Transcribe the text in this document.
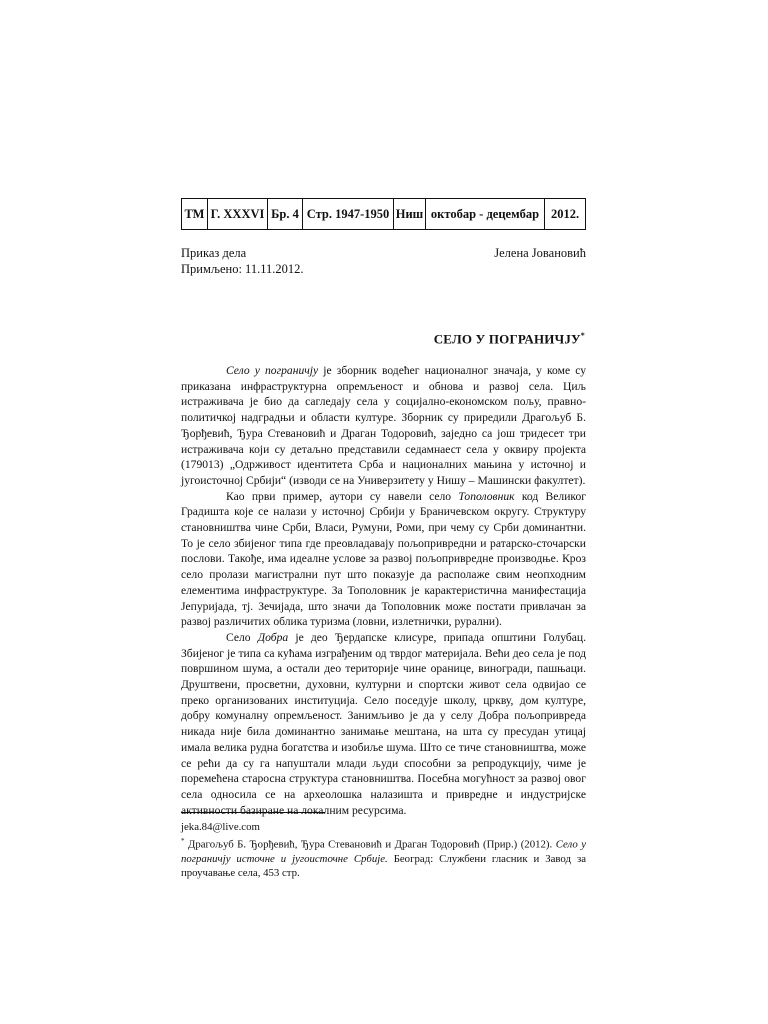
ТМ Г. XXXVI Бр. 4 Стр. 1947-1950 Ниш октобар - децембар 2012.
Приказ дела
Примљено: 11.11.2012.
Јелена Јовановић
СЕЛО У ПОГРАНИЧЈУ*

Село у пограничју је зборник водећег националног значаја, у коме су приказана инфраструктурна опремљеност и обнова и развој села. Циљ истраживача је био да сагледају села у социјално-економском пољу, правно-политичкој надградњи и области културе. Зборник су приредили Драгољуб Б. Ђорђевић, Ђура Стевановић и Драган Тодоровић, заједно са још тридесет три истраживача који су детаљно представили седамнаест села у оквиру пројекта (179013) „Одрживост идентитета Срба и националних мањина у источној и југоисточној Србији“ (изводи се на Универзитету у Нишу – Машински факултет).

Као први пример, аутори су навели село Тополовник код Великог Градишта које се налази у источној Србији у Браничевском округу. Структуру становништва чине Срби, Власи, Румуни, Роми, при чему су Срби доминантни. То је село збијеног типа где преовладавају пољопривредни и ратарско-сточарски послови. Такође, има идеалне услове за развој пољопривредне производње. Кроз село пролази магистрални пут што показује да располаже свим неопходним елементима инфраструктуре. За Тополовник је карактеристична манифестација Јепуријада, тј. Зечијада, што значи да Тополовник може постати привлачан за развој различитих облика туризма (ловни, излетнички, рурални).

Село Добра је део Ђердапске клисуре, припада општини Голубац. Збијеног је типа са кућама изграђеним од тврдог материјала. Већи део села је под површином шума, а остали део територије чине оранице, виногради, пашњаци. Друштвени, просветни, духовни, културни и спортски живот села одвијао се преко организованих институција. Село поседује школу, цркву, дом културе, добру комуналну опремљеност. Занимљиво је да у селу Добра пољопривреда никада није била доминантно занимање мештана, на шта су пресудан утицај имала велика рудна богатства и изобиље шума. Што се тиче становништва, може се рећи да су га напуштали млади људи способни за репродукцију, чиме је поремећена старосна структура становништва. Посебна могућност за развој овог села односила се на археолошка налазишта и привредне и индустријске активности базиране на локалним ресурсима.

jeka.84@live.com
* Драгољуб Б. Ђорђевић, Ђура Стевановић и Драган Тодоровић (Прир.) (2012). Село у пограничју источне и југоисточне Србије. Београд: Службени гласник и Завод за проучавање села, 453 стр.
